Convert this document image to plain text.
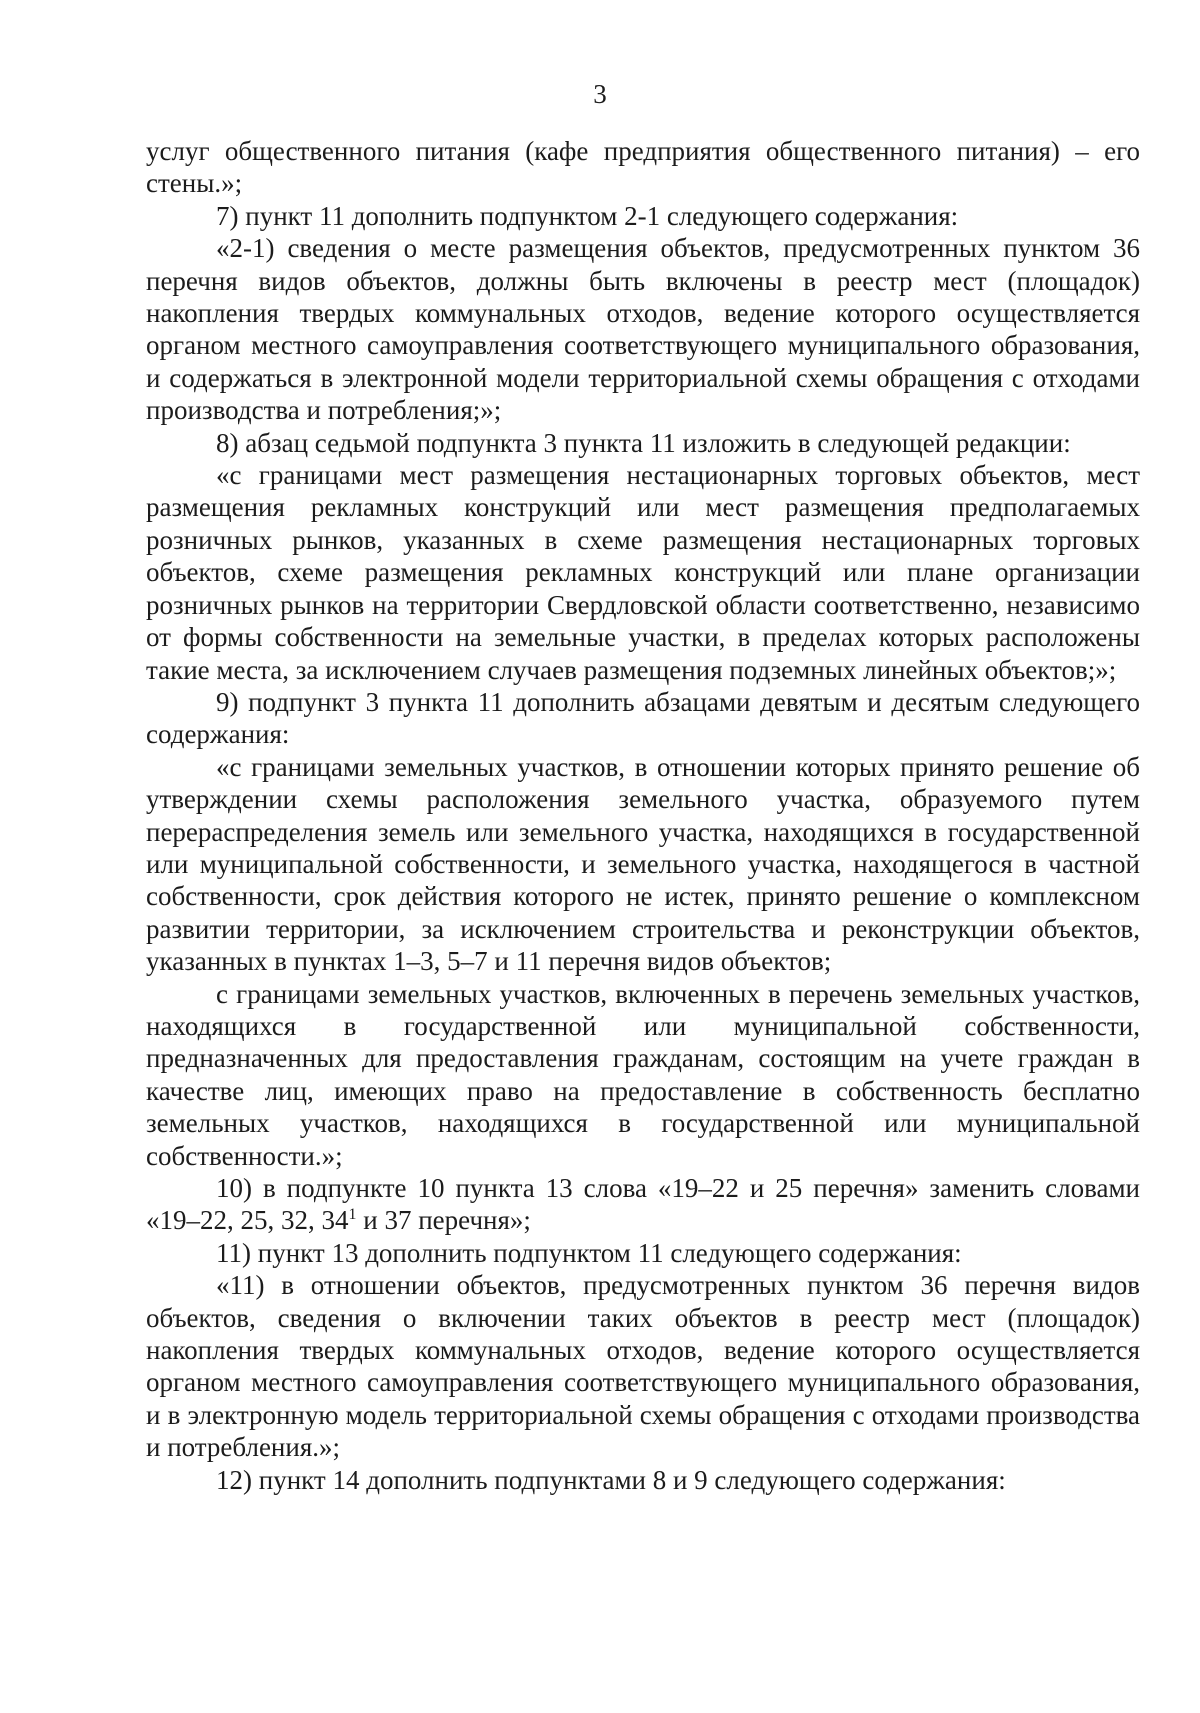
3

услуг общественного питания (кафе предприятия общественного питания) – его стены.»;

7) пункт 11 дополнить подпунктом 2-1 следующего содержания:

«2-1) сведения о месте размещения объектов, предусмотренных пунктом 36 перечня видов объектов, должны быть включены в реестр мест (площадок) накопления твердых коммунальных отходов, ведение которого осуществляется органом местного самоуправления соответствующего муниципального образования, и содержаться в электронной модели территориальной схемы обращения с отходами производства и потребления;»;

8) абзац седьмой подпункта 3 пункта 11 изложить в следующей редакции:

«с границами мест размещения нестационарных торговых объектов, мест размещения рекламных конструкций или мест размещения предполагаемых розничных рынков, указанных в схеме размещения нестационарных торговых объектов, схеме размещения рекламных конструкций или плане организации розничных рынков на территории Свердловской области соответственно, независимо от формы собственности на земельные участки, в пределах которых расположены такие места, за исключением случаев размещения подземных линейных объектов;»;

9) подпункт 3 пункта 11 дополнить абзацами девятым и десятым следующего содержания:

«с границами земельных участков, в отношении которых принято решение об утверждении схемы расположения земельного участка, образуемого путем перераспределения земель или земельного участка, находящихся в государственной или муниципальной собственности, и земельного участка, находящегося в частной собственности, срок действия которого не истек, принято решение о комплексном развитии территории, за исключением строительства и реконструкции объектов, указанных в пунктах 1–3, 5–7 и 11 перечня видов объектов;

с границами земельных участков, включенных в перечень земельных участков, находящихся в государственной или муниципальной собственности, предназначенных для предоставления гражданам, состоящим на учете граждан в качестве лиц, имеющих право на предоставление в собственность бесплатно земельных участков, находящихся в государственной или муниципальной собственности.»;

10) в подпункте 10 пункта 13 слова «19–22 и 25 перечня» заменить словами «19–22, 25, 32, $34^1$ и 37 перечня»;

11) пункт 13 дополнить подпунктом 11 следующего содержания:

«11) в отношении объектов, предусмотренных пунктом 36 перечня видов объектов, сведения о включении таких объектов в реестр мест (площадок) накопления твердых коммунальных отходов, ведение которого осуществляется органом местного самоуправления соответствующего муниципального образования, и в электронную модель территориальной схемы обращения с отходами производства и потребления.»;

12) пункт 14 дополнить подпунктами 8 и 9 следующего содержания:
